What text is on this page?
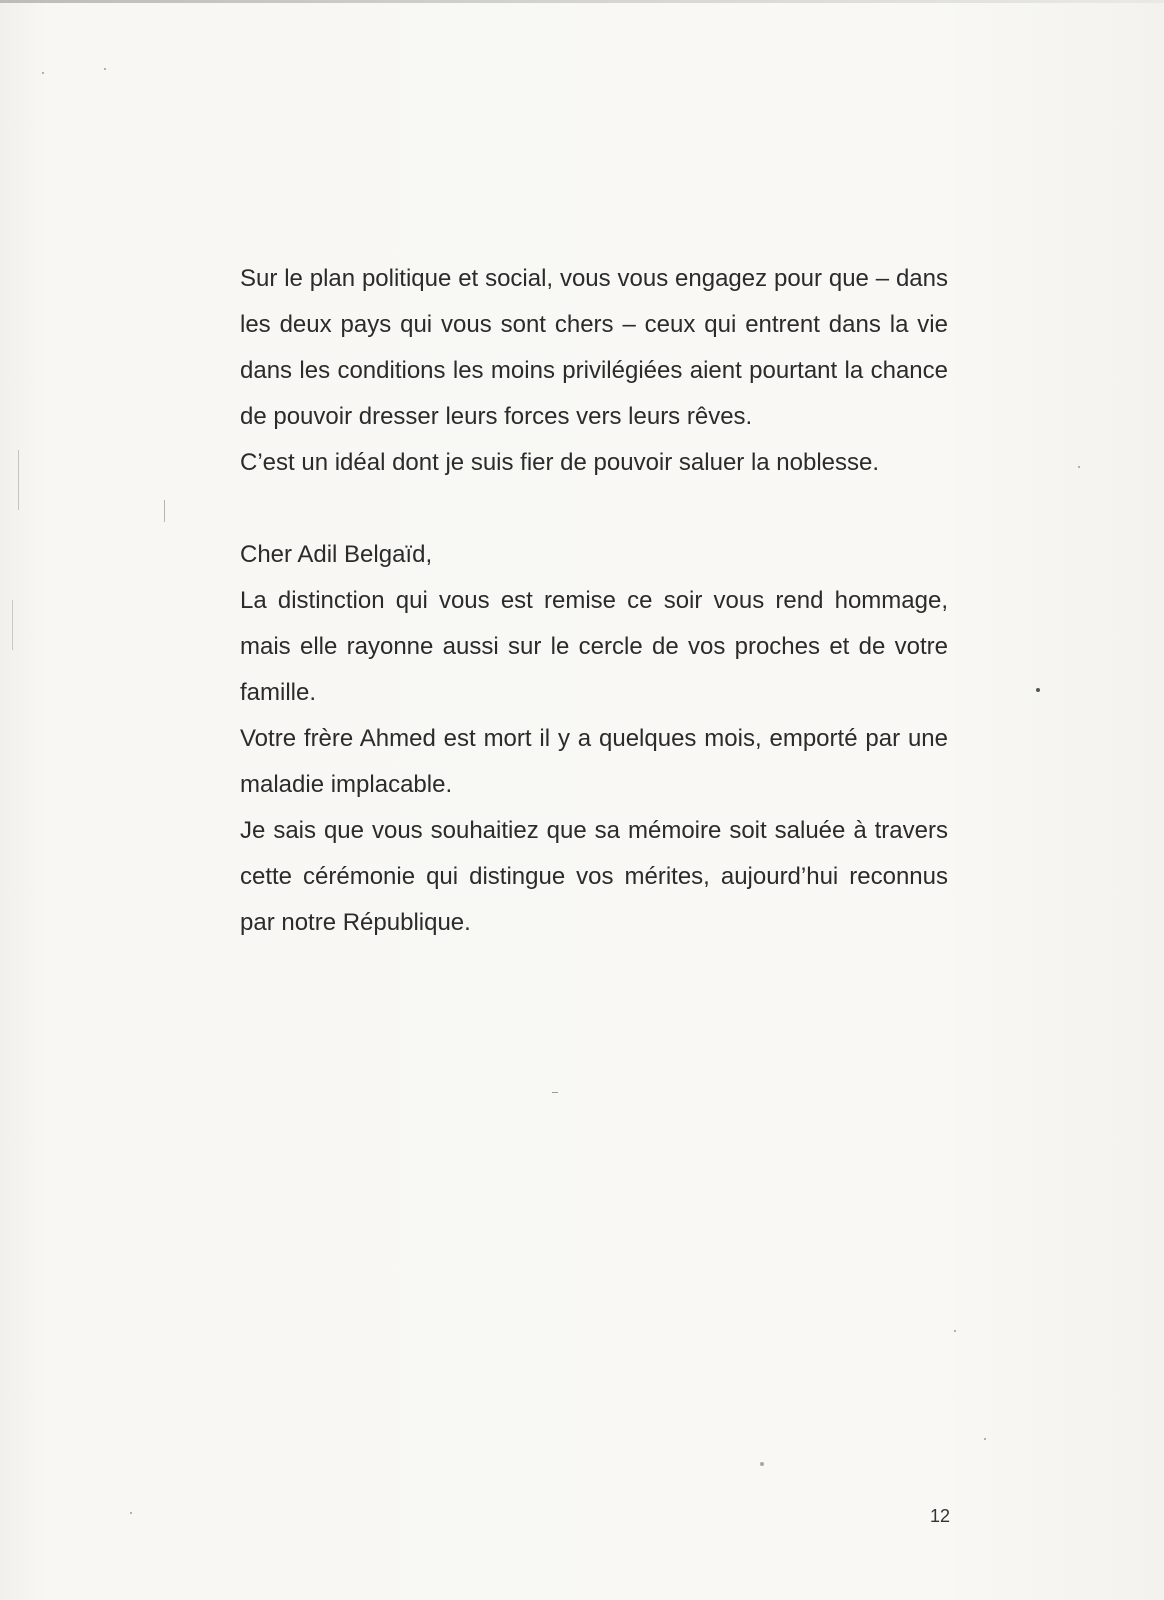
Sur le plan politique et social, vous vous engagez pour que – dans les deux pays qui vous sont chers – ceux qui entrent dans la vie dans les conditions les moins privilégiées aient pourtant la chance de pouvoir dresser leurs forces vers leurs rêves.

C’est un idéal dont je suis fier de pouvoir saluer la noblesse.

Cher Adil Belgaïd,

La distinction qui vous est remise ce soir vous rend hommage, mais elle rayonne aussi sur le cercle de vos proches et de votre famille.

Votre frère Ahmed est mort il y a quelques mois, emporté par une maladie implacable.

Je sais que vous souhaitiez que sa mémoire soit saluée à travers cette cérémonie qui distingue vos mérites, aujourd’hui reconnus par notre République.

12
